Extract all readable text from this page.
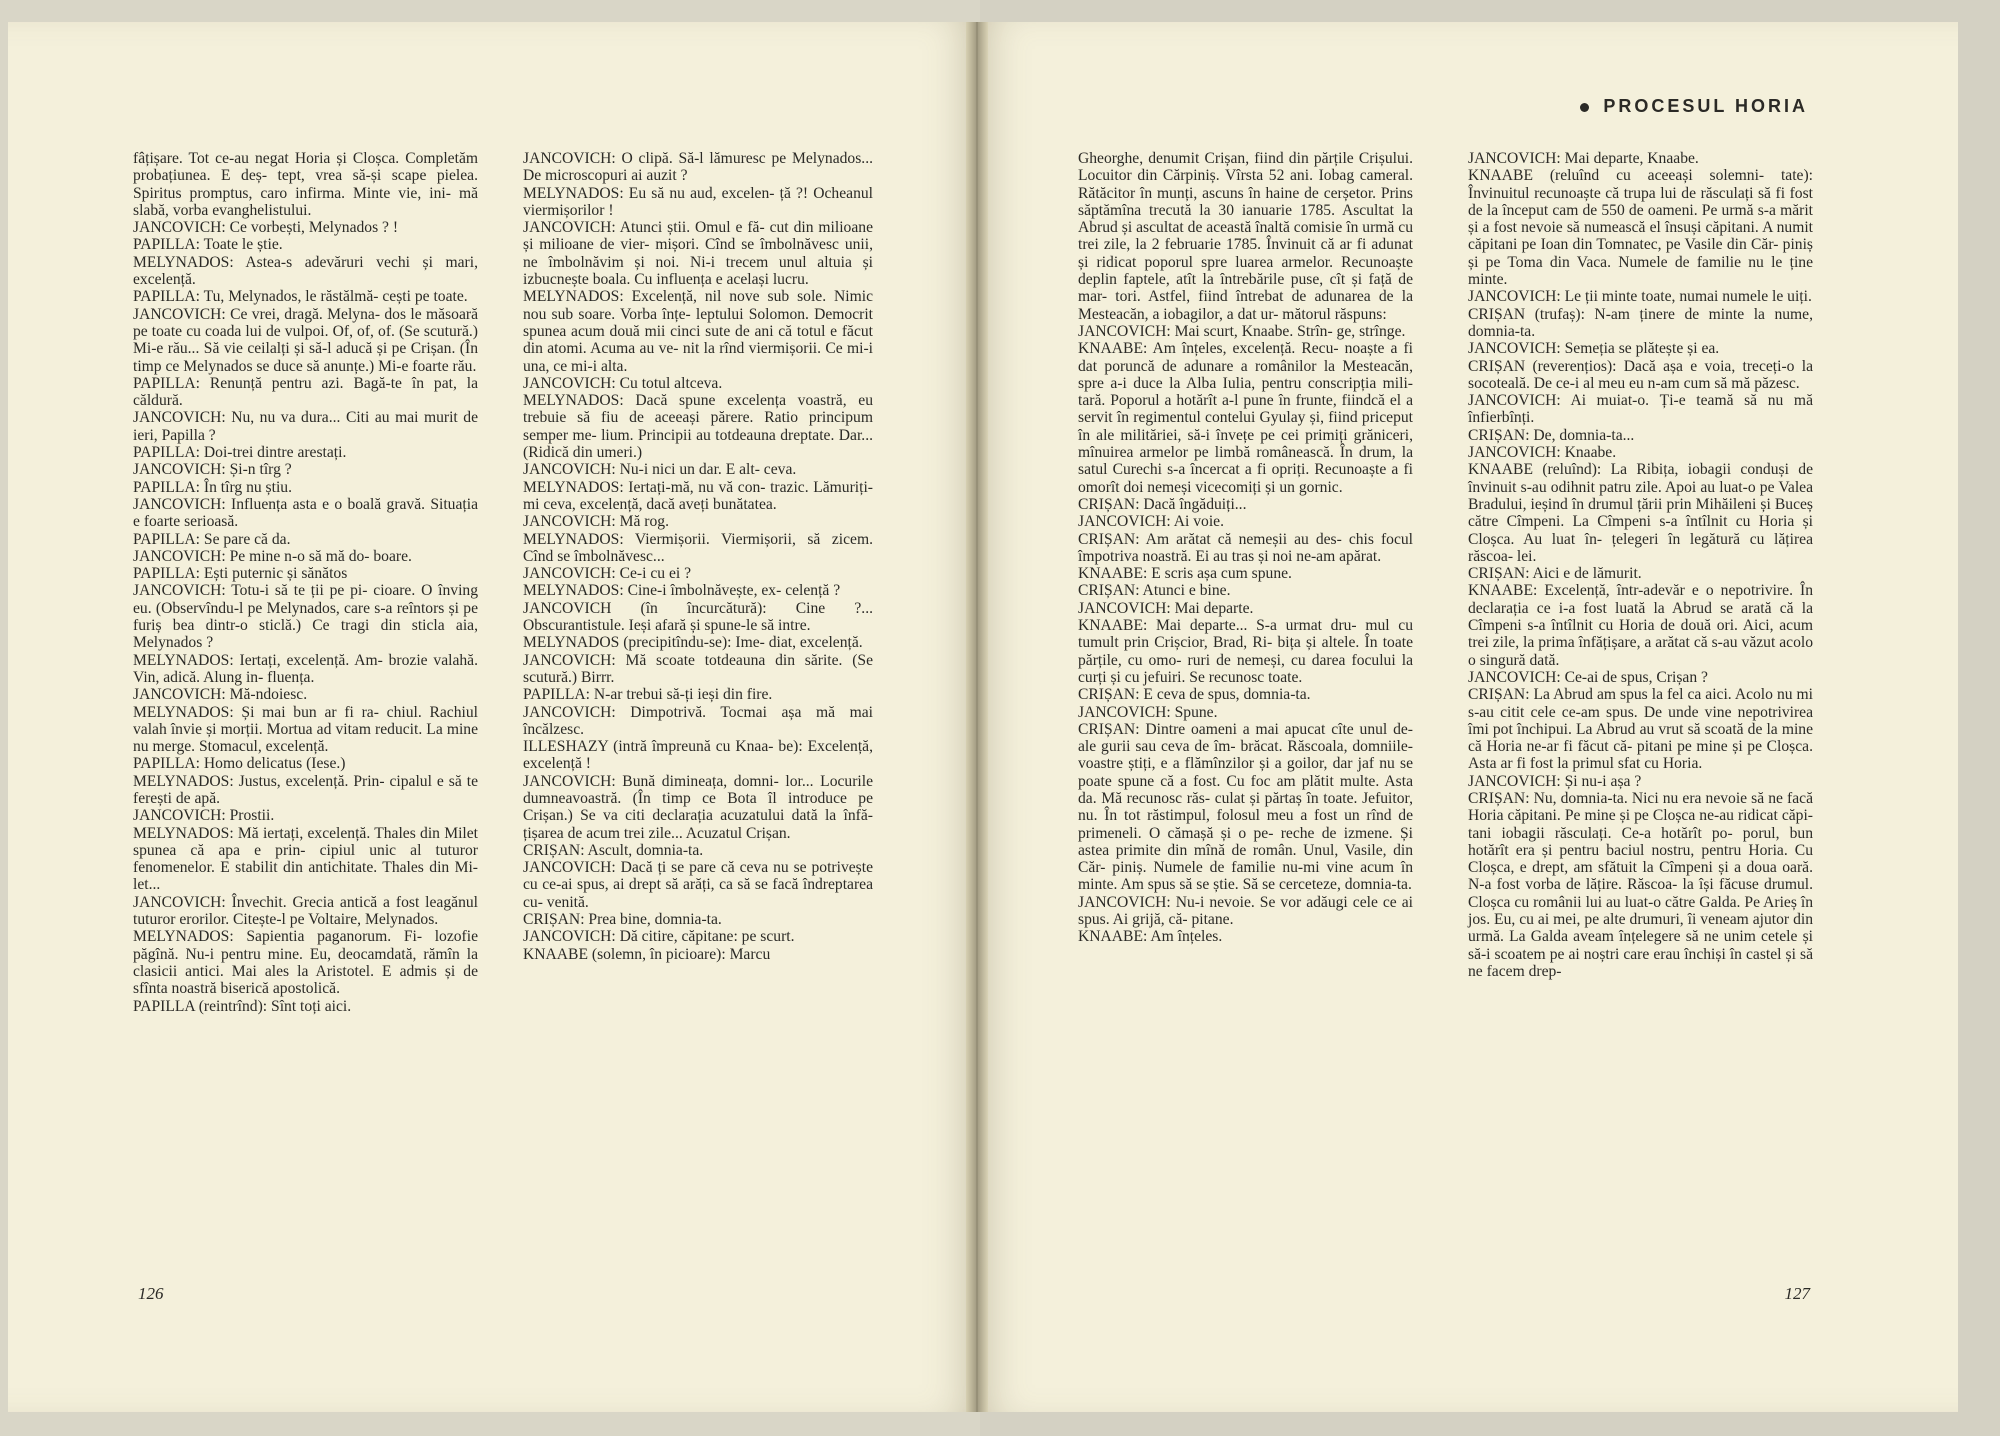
fâțișare. Tot ce-au negat Horia și Cloșca. Completăm probațiunea. E deș- tept, vrea să-și scape pielea. Spiritus promptus, caro infirma. Minte vie, ini- mă slabă, vorba evanghelistului.

JANCOVICH: Ce vorbești, Melynados ? !

PAPILLA: Toate le știe.

MELYNADOS: Astea-s adevăruri vechi și mari, excelență.

PAPILLA: Tu, Melynados, le răstălmă- cești pe toate.

JANCOVICH: Ce vrei, dragă. Melyna- dos le măsoară pe toate cu coada lui de vulpoi. Of, of, of. (Se scutură.) Mi-e rău... Să vie ceilalți și să-l aducă și pe Crișan. (În timp ce Melynados se duce să anunțe.) Mi-e foarte rău.

PAPILLA: Renunță pentru azi. Bagă-te în pat, la căldură.

JANCOVICH: Nu, nu va dura... Citi au mai murit de ieri, Papilla ?

PAPILLA: Doi-trei dintre arestați.

JANCOVICH: Și-n tîrg ?

PAPILLA: În tîrg nu știu.

JANCOVICH: Influența asta e o boală gravă. Situația e foarte serioasă.

PAPILLA: Se pare că da.

JANCOVICH: Pe mine n-o să mă do- boare.

PAPILLA: Ești puternic și sănătos

JANCOVICH: Totu-i să te ții pe pi- cioare. O înving eu. (Observîndu-l pe Melynados, care s-a reîntors și pe furiș bea dintr-o sticlă.) Ce tragi din sticla aia, Melynados ?

MELYNADOS: Iertați, excelență. Am- brozie valahă. Vin, adică. Alung in- fluența.

JANCOVICH: Mă-ndoiesc.

MELYNADOS: Și mai bun ar fi ra- chiul. Rachiul valah învie și morții. Mortua ad vitam reducit. La mine nu merge. Stomacul, excelență.

PAPILLA: Homo delicatus (Iese.)

MELYNADOS: Justus, excelență. Prin- cipalul e să te ferești de apă.

JANCOVICH: Prostii.

MELYNADOS: Mă iertați, excelență. Thales din Milet spunea că apa e prin- cipiul unic al tuturor fenomenelor. E stabilit din antichitate. Thales din Mi- let...

JANCOVICH: Învechit. Grecia antică a fost leagănul tuturor erorilor. Citește-l pe Voltaire, Melynados.

MELYNADOS: Sapientia paganorum. Fi- lozofie păgînă. Nu-i pentru mine. Eu, deocamdată, rămîn la clasicii antici. Mai ales la Aristotel. E admis și de sfînta noastră biserică apostolică.

PAPILLA (reintrînd): Sînt toți aici.

JANCOVICH: O clipă. Să-l lămuresc pe Melynados... De microscopuri ai auzit ?

MELYNADOS: Eu să nu aud, excelen- ță ?! Ocheanul viermișorilor !

JANCOVICH: Atunci știi. Omul e fă- cut din milioane și milioane de vier- mișori. Cînd se îmbolnăvesc unii, ne îmbolnăvim și noi. Ni-i trecem unul altuia și izbucnește boala. Cu influența e același lucru.

MELYNADOS: Excelență, nil nove sub sole. Nimic nou sub soare. Vorba înțe- leptului Solomon. Democrit spunea acum două mii cinci sute de ani că totul e făcut din atomi. Acuma au ve- nit la rînd viermișorii. Ce mi-i una, ce mi-i alta.

JANCOVICH: Cu totul altceva.

MELYNADOS: Dacă spune excelența voastră, eu trebuie să fiu de aceeași părere. Ratio principum semper me- lium. Principii au totdeauna dreptate. Dar... (Ridică din umeri.)

JANCOVICH: Nu-i nici un dar. E alt- ceva.

MELYNADOS: Iertați-mă, nu vă con- trazic. Lămuriți-mi ceva, excelență, dacă aveți bunătatea.

JANCOVICH: Mă rog.

MELYNADOS: Viermișorii. Viermișorii, să zicem. Cînd se îmbolnăvesc...

JANCOVICH: Ce-i cu ei ?

MELYNADOS: Cine-i îmbolnăvește, ex- celență ?

JANCOVICH (în încurcătură): Cine ?... Obscurantistule. Ieși afară și spune-le să intre.

MELYNADOS (precipitîndu-se): Ime- diat, excelență.

JANCOVICH: Mă scoate totdeauna din sărite. (Se scutură.) Birrr.

PAPILLA: N-ar trebui să-ți ieși din fire.

JANCOVICH: Dimpotrivă. Tocmai așa mă mai încălzesc.

ILLESHAZY (intră împreună cu Knaa- be): Excelență, excelență !

JANCOVICH: Bună dimineața, domni- lor... Locurile dumneavoastră. (În timp ce Bota îl introduce pe Crișan.) Se va citi declarația acuzatului dată la înfă- țișarea de acum trei zile... Acuzatul Crișan.

CRIȘAN: Ascult, domnia-ta.

JANCOVICH: Dacă ți se pare că ceva nu se potrivește cu ce-ai spus, ai drept să arăți, ca să se facă îndreptarea cu- venită.

CRIȘAN: Prea bine, domnia-ta.

JANCOVICH: Dă citire, căpitane: pe scurt.

KNAABE (solemn, în picioare): Marcu

126
PROCESUL HORIA

Gheorghe, denumit Crișan, fiind din părțile Crișului. Locuitor din Cărpiniș. Vîrsta 52 ani. Iobag cameral. Rătăcitor în munți, ascuns în haine de cerșetor. Prins săptămîna trecută la 30 ianuarie 1785. Ascultat la Abrud și ascultat de această înaltă comisie în urmă cu trei zile, la 2 februarie 1785. Învinuit că ar fi adunat și ridicat poporul spre luarea armelor. Recunoaște deplin faptele, atît la întrebările puse, cît și față de mar- tori. Astfel, fiind întrebat de adunarea de la Mesteacăn, a iobagilor, a dat ur- mătorul răspuns:

JANCOVICH: Mai scurt, Knaabe. Strîn- ge, strînge.

KNAABE: Am înțeles, excelență. Recu- noaște a fi dat poruncă de adunare a românilor la Mesteacăn, spre a-i duce la Alba Iulia, pentru conscripția mili- tară. Poporul a hotărît a-l pune în frunte, fiindcă el a servit în regimentul contelui Gyulay și, fiind priceput în ale milităriei, să-i învețe pe cei primiți grăniceri, mînuirea armelor pe limbă românească. În drum, la satul Curechi s-a încercat a fi opriți. Recunoaște a fi omorît doi nemeși vicecomiți și un gornic.

CRIȘAN: Dacă îngăduiți...

JANCOVICH: Ai voie.

CRIȘAN: Am arătat că nemeșii au des- chis focul împotriva noastră. Ei au tras și noi ne-am apărat.

KNAABE: E scris așa cum spune.

CRIȘAN: Atunci e bine.

JANCOVICH: Mai departe.

KNAABE: Mai departe... S-a urmat dru- mul cu tumult prin Crișcior, Brad, Ri- bița și altele. În toate părțile, cu omo- ruri de nemeși, cu darea focului la curți și cu jefuiri. Se recunosc toate.

CRIȘAN: E ceva de spus, domnia-ta.

JANCOVICH: Spune.

CRIȘAN: Dintre oameni a mai apucat cîte unul de-ale gurii sau ceva de îm- brăcat. Răscoala, domniile-voastre știți, e a flămînzilor și a goilor, dar jaf nu se poate spune că a fost. Cu foc am plătit multe. Asta da. Mă recunosc răs- culat și părtaș în toate. Jefuitor, nu. În tot răstimpul, folosul meu a fost un rînd de primeneli. O cămașă și o pe- reche de izmene. Și astea primite din mînă de român. Unul, Vasile, din Căr- piniș. Numele de familie nu-mi vine acum în minte. Am spus să se știe. Să se cerceteze, domnia-ta.

JANCOVICH: Nu-i nevoie. Se vor adăugi cele ce ai spus. Ai grijă, că- pitane.

KNAABE: Am înțeles.

JANCOVICH: Mai departe, Knaabe.

KNAABE (reluînd cu aceeași solemni- tate): Învinuitul recunoaște că trupa lui de răsculați să fi fost de la început cam de 550 de oameni. Pe urmă s-a mărit și a fost nevoie să numească el însuși căpitani. A numit căpitani pe Ioan din Tomnatec, pe Vasile din Căr- piniș și pe Toma din Vaca. Numele de familie nu le ține minte.

JANCOVICH: Le ții minte toate, numai numele le uiți.

CRIȘAN (trufaș): N-am ținere de minte la nume, domnia-ta.

JANCOVICH: Semeția se plătește și ea.

CRIȘAN (reverențios): Dacă așa e voia, treceți-o la socoteală. De ce-i al meu eu n-am cum să mă păzesc.

JANCOVICH: Ai muiat-o. Ți-e teamă să nu mă înfierbînți.

CRIȘAN: De, domnia-ta...

JANCOVICH: Knaabe.

KNAABE (reluînd): La Ribița, iobagii conduși de învinuit s-au odihnit patru zile. Apoi au luat-o pe Valea Bradului, ieșind în drumul țării prin Mihăileni și Buceș către Cîmpeni. La Cîmpeni s-a întîlnit cu Horia și Cloșca. Au luat în- țelegeri în legătură cu lățirea răscoa- lei.

CRIȘAN: Aici e de lămurit.

KNAABE: Excelență, într-adevăr e o nepotrivire. În declarația ce i-a fost luată la Abrud se arată că la Cîmpeni s-a întîlnit cu Horia de două ori. Aici, acum trei zile, la prima înfățișare, a arătat că s-au văzut acolo o singură dată.

JANCOVICH: Ce-ai de spus, Crișan ?

CRIȘAN: La Abrud am spus la fel ca aici. Acolo nu mi s-au citit cele ce-am spus. De unde vine nepotrivirea îmi pot închipui. La Abrud au vrut să scoată de la mine că Horia ne-ar fi făcut că- pitani pe mine și pe Cloșca. Asta ar fi fost la primul sfat cu Horia.

JANCOVICH: Și nu-i așa ?

CRIȘAN: Nu, domnia-ta. Nici nu era nevoie să ne facă Horia căpitani. Pe mine și pe Cloșca ne-au ridicat căpi- tani iobagii răsculați. Ce-a hotărît po- porul, bun hotărît era și pentru baciul nostru, pentru Horia. Cu Cloșca, e drept, am sfătuit la Cîmpeni și a doua oară. N-a fost vorba de lățire. Răscoa- la își făcuse drumul. Cloșca cu românii lui au luat-o către Galda. Pe Arieș în jos. Eu, cu ai mei, pe alte drumuri, îi veneam ajutor din urmă. La Galda aveam înțelegere să ne unim cetele și să-i scoatem pe ai noștri care erau închiși în castel și să ne facem drep-

127
